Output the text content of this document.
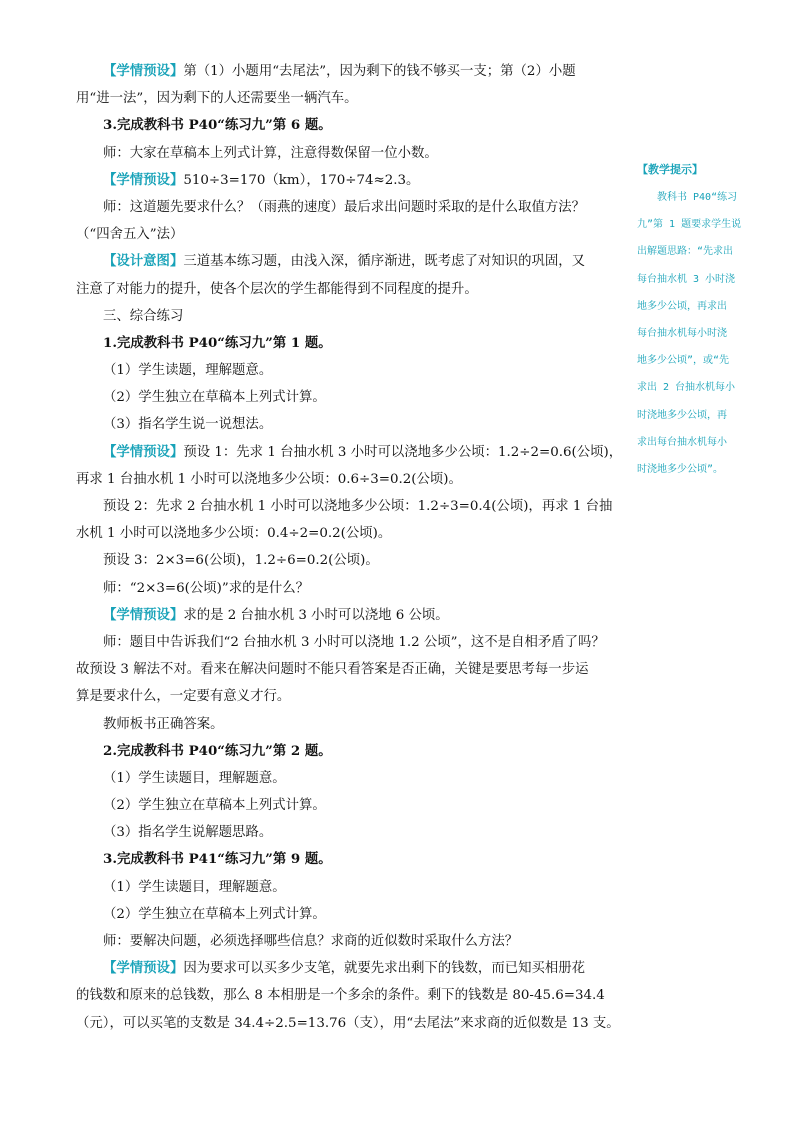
【学情预设】第（1）小题用“去尾法”，因为剩下的钱不够买一支；第（2）小题
用“进一法”，因为剩下的人还需要坐一辆汽车。
3.完成教科书 P40“练习九”第 6 题。
师：大家在草稿本上列式计算，注意得数保留一位小数。
【学情预设】510÷3=170（km），170÷74≈2.3。
师：这道题先要求什么？（雨燕的速度）最后求出问题时采取的是什么取值方法？
（“四舍五入”法）
【设计意图】三道基本练习题，由浅入深，循序渐进，既考虑了对知识的巩固，又
注意了对能力的提升，使各个层次的学生都能得到不同程度的提升。
三、综合练习
1.完成教科书 P40“练习九”第 1 题。
（1）学生读题，理解题意。
（2）学生独立在草稿本上列式计算。
（3）指名学生说一说想法。
【学情预设】预设 1：先求 1 台抽水机 3 小时可以浇地多少公顷：1.2÷2=0.6(公顷)，
再求 1 台抽水机 1 小时可以浇地多少公顷：0.6÷3=0.2(公顷)。
预设 2：先求 2 台抽水机 1 小时可以浇地多少公顷：1.2÷3=0.4(公顷)，再求 1 台抽
水机 1 小时可以浇地多少公顷：0.4÷2=0.2(公顷)。
预设 3：2×3=6(公顷)，1.2÷6=0.2(公顷)。
师：“2×3=6(公顷)”求的是什么？
【学情预设】求的是 2 台抽水机 3 小时可以浇地 6 公顷。
师：题目中告诉我们“2 台抽水机 3 小时可以浇地 1.2 公顷”，这不是自相矛盾了吗？
故预设 3 解法不对。看来在解决问题时不能只看答案是否正确，关键是要思考每一步运
算是要求什么，一定要有意义才行。
教师板书正确答案。
2.完成教科书 P40“练习九”第 2 题。
（1）学生读题目，理解题意。
（2）学生独立在草稿本上列式计算。
（3）指名学生说解题思路。
3.完成教科书 P41“练习九”第 9 题。
（1）学生读题目，理解题意。
（2）学生独立在草稿本上列式计算。
师：要解决问题，必须选择哪些信息？求商的近似数时采取什么方法？
【学情预设】因为要求可以买多少支笔，就要先求出剩下的钱数，而已知买相册花
的钱数和原来的总钱数，那么 8 本相册是一个多余的条件。剩下的钱数是 80-45.6=34.4
（元），可以买笔的支数是 34.4÷2.5=13.76（支），用“去尾法”来求商的近似数是 13 支。
【教学提示】
教科书 P40“练习
九”第 1 题要求学生说
出解题思路：“先求出
每台抽水机 3 小时浇
地多少公顷，再求出
每台抽水机每小时浇
地多少公顷”，或“先
求出 2 台抽水机每小
时浇地多少公顷，再
求出每台抽水机每小
时浇地多少公顷”。
